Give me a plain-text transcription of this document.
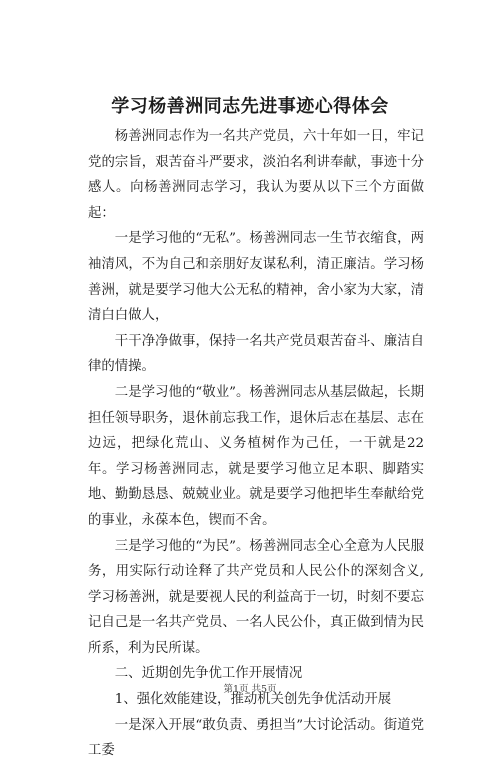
学习杨善洲同志先进事迹心得体会

杨善洲同志作为一名共产党员，六十年如一日，牢记党的宗旨，艰苦奋斗严要求，淡泊名利讲奉献，事迹十分感人。向杨善洲同志学习，我认为要从以下三个方面做起：

一是学习他的“无私”。杨善洲同志一生节衣缩食，两袖清风，不为自己和亲朋好友谋私利，清正廉洁。学习杨善洲，就是要学习他大公无私的精神，舍小家为大家，清清白白做人，

干干净净做事，保持一名共产党员艰苦奋斗、廉洁自律的情操。

二是学习他的“敬业”。杨善洲同志从基层做起，长期担任领导职务，退休前忘我工作，退休后志在基层、志在边远，把绿化荒山、义务植树作为己任，一干就是22年。学习杨善洲同志，就是要学习他立足本职、脚踏实地、勤勤恳恳、兢兢业业。就是要学习他把毕生奉献给党的事业，永葆本色，锲而不舍。

三是学习他的“为民”。杨善洲同志全心全意为人民服务，用实际行动诠释了共产党员和人民公仆的深刻含义,学习杨善洲，就是要视人民的利益高于一切，时刻不要忘记自己是一名共产党员、一名人民公仆，真正做到情为民所系，利为民所谋。

二、近期创先争优工作开展情况

1、强化效能建设，推动机关创先争优活动开展

一是深入开展“敢负责、勇担当”大讨论活动。街道党工委

第1页 共5页
